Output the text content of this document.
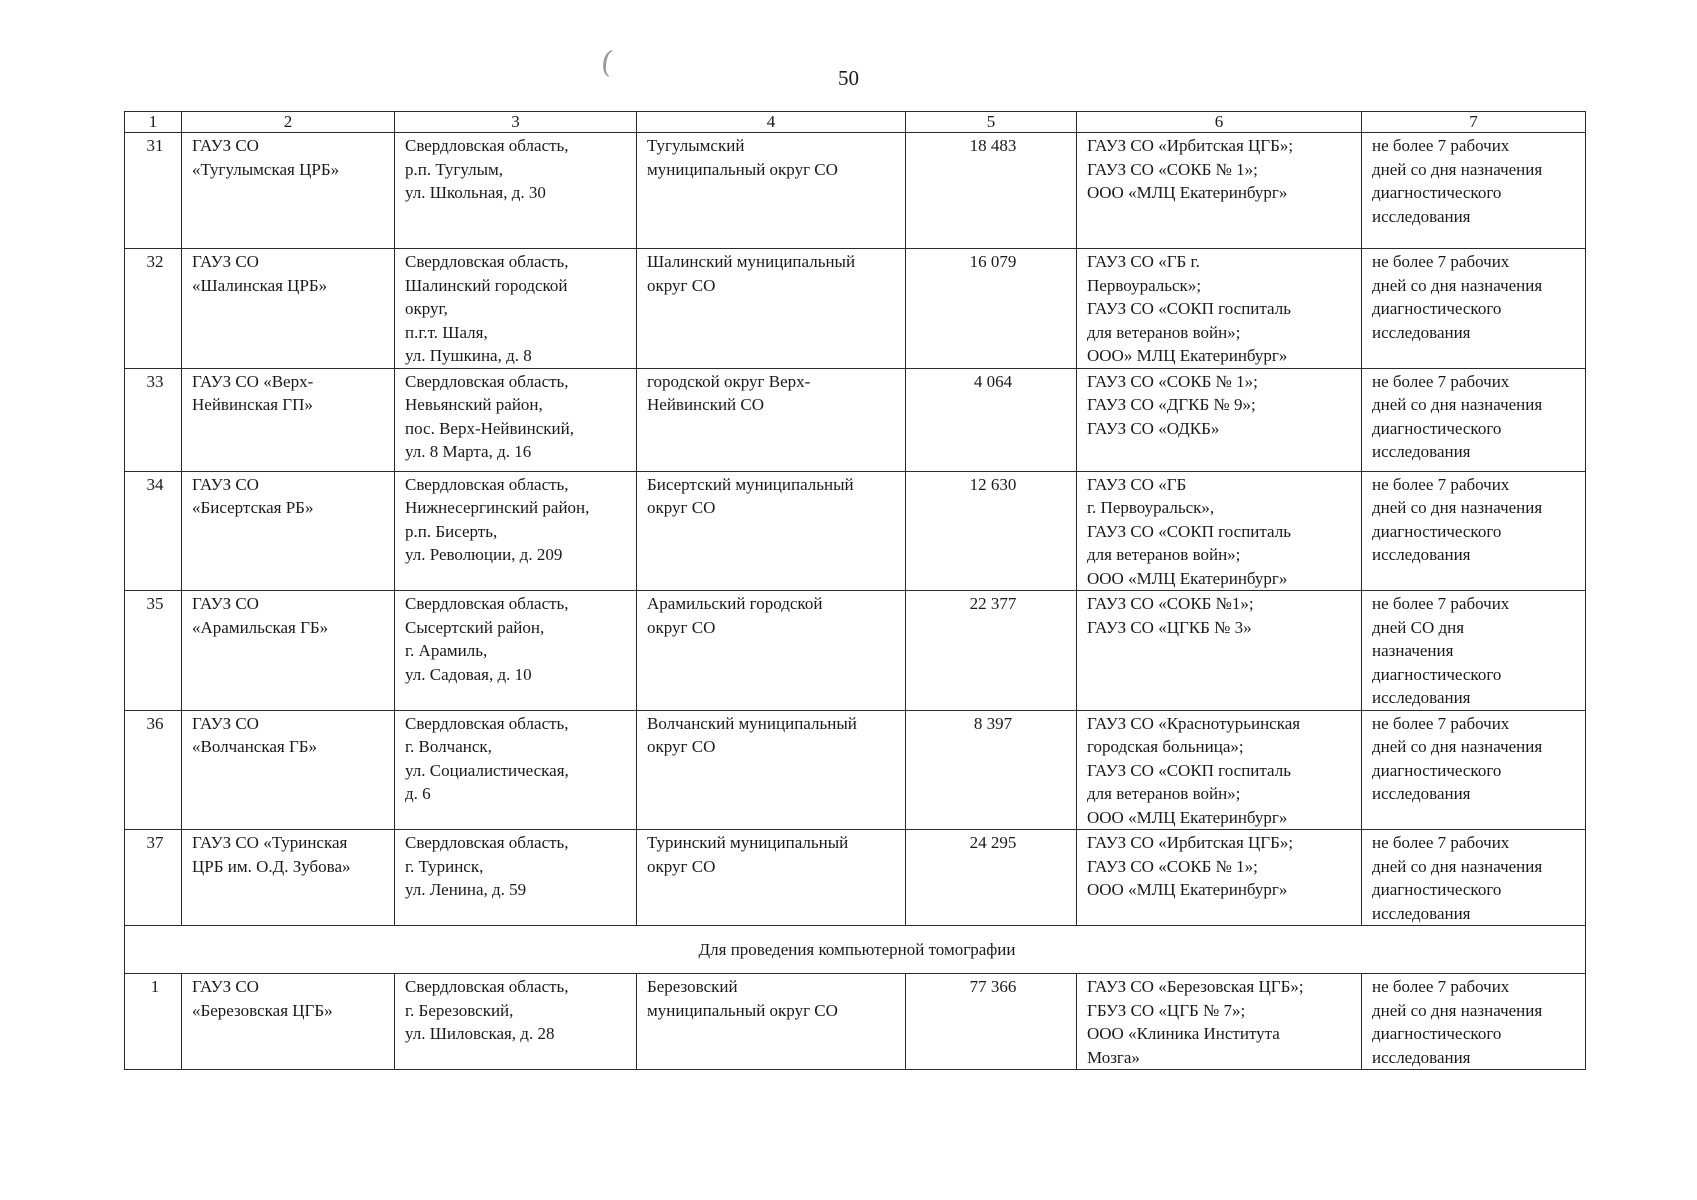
(	50
1	2	3	4	5	6	7
31	ГАУЗ СО
«Тугулымская ЦРБ»	Свердловская область,
р.п. Тугулым,
ул. Школьная, д. 30	Тугулымский
муниципальный округ СО	18 483	ГАУЗ СО «Ирбитская ЦГБ»;
ГАУЗ СО «СОКБ № 1»;
ООО «МЛЦ Екатеринбург»	не более 7 рабочих
дней со дня назначения
диагностического
исследования

32	ГАУЗ СО
«Шалинская ЦРБ»	Свердловская область,
Шалинский городской
округ,
п.г.т. Шаля,
ул. Пушкина, д. 8	Шалинский муниципальный
округ СО	16 079	ГАУЗ СО «ГБ г.
Первоуральск»;
ГАУЗ СО «СОКП госпиталь
для ветеранов войн»;
ООО» МЛЦ Екатеринбург»	не более 7 рабочих
дней со дня назначения
диагностического
исследования

33	ГАУЗ СО «Верх-
Нейвинская ГП»	Свердловская область,
Невьянский район,
пос. Верх-Нейвинский,
ул. 8 Марта, д. 16	городской округ Верх-
Нейвинский СО	4 064	ГАУЗ СО «СОКБ № 1»;
ГАУЗ СО «ДГКБ № 9»;
ГАУЗ СО «ОДКБ»	не более 7 рабочих
дней со дня назначения
диагностического
исследования

34	ГАУЗ СО
«Бисертская РБ»	Свердловская область,
Нижнесергинский район,
р.п. Бисерть,
ул. Революции, д. 209	Бисертский муниципальный
округ СО	12 630	ГАУЗ СО «ГБ
г. Первоуральск»,
ГАУЗ СО «СОКП госпиталь
для ветеранов войн»;
ООО «МЛЦ Екатеринбург»	не более 7 рабочих
дней со дня назначения
диагностического
исследования

35	ГАУЗ СО
«Арамильская ГБ»	Свердловская область,
Сысертский район,
г. Арамиль,
ул. Садовая, д. 10	Арамильский городской
округ СО	22 377	ГАУЗ СО «СОКБ №1»;
ГАУЗ СО «ЦГКБ № 3»	не более 7 рабочих
дней СО дня
назначения
диагностического
исследования

36	ГАУЗ СО
«Волчанская ГБ»	Свердловская область,
г. Волчанск,
ул. Социалистическая,
д. 6	Волчанский муниципальный
округ СО	8 397	ГАУЗ СО «Краснотурьинская
городская больница»;
ГАУЗ СО «СОКП госпиталь
для ветеранов войн»;
ООО «МЛЦ Екатеринбург»	не более 7 рабочих
дней со дня назначения
диагностического
исследования

37	ГАУЗ СО «Туринская
ЦРБ им. О.Д. Зубова»	Свердловская область,
г. Туринск,
ул. Ленина, д. 59	Туринский муниципальный
округ СО	24 295	ГАУЗ СО «Ирбитская ЦГБ»;
ГАУЗ СО «СОКБ № 1»;
ООО «МЛЦ Екатеринбург»	не более 7 рабочих
дней со дня назначения
диагностического
исследования

Для проведения компьютерной томографии						
1	ГАУЗ СО
«Березовская ЦГБ»	Свердловская область,
г. Березовский,
ул. Шиловская, д. 28	Березовский
муниципальный округ СО	77 366	ГАУЗ СО «Березовская ЦГБ»;
ГБУЗ СО «ЦГБ № 7»;
ООО «Клиника Института
Мозга»	не более 7 рабочих
дней со дня назначения
диагностического
исследования
